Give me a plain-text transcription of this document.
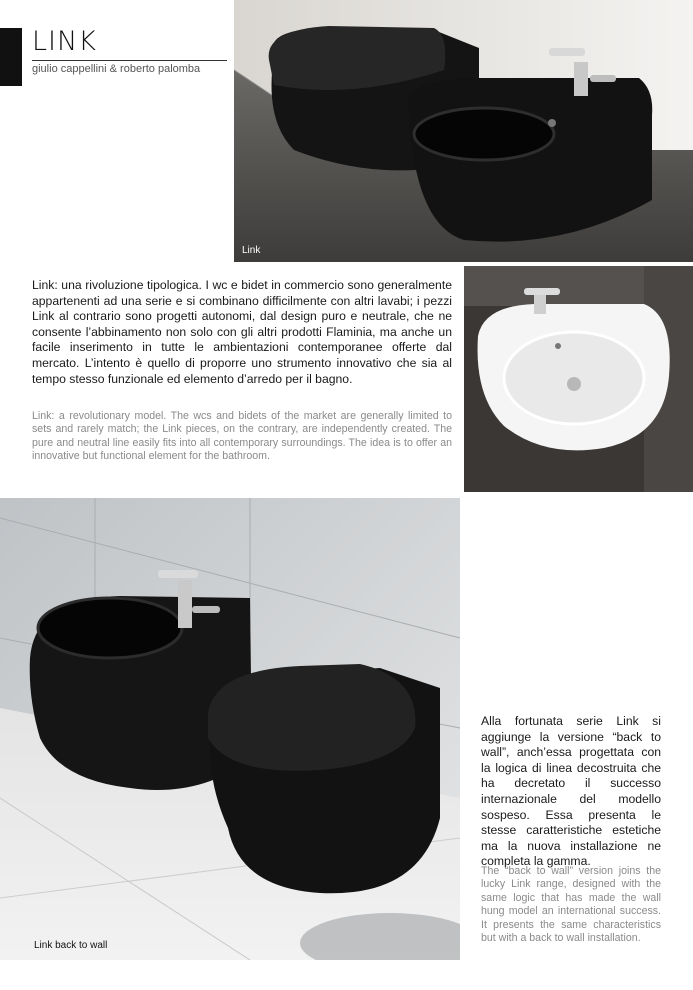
LINK
giulio cappellini & roberto palomba
Link
Link: una rivoluzione tipologica. I wc e bidet in commercio sono generalmente appartenenti ad una serie e si combinano difficilmente con altri lavabi; i pezzi Link al contrario sono progetti autonomi, dal design puro e neutrale, che ne consente l’abbinamento non solo con gli altri prodotti Flaminia, ma anche un facile inserimento in tutte le ambientazioni contemporanee offerte dal mercato. L’intento è quello di proporre uno strumento innovativo che sia al tempo stesso funzionale ed elemento d’arredo per il bagno.
Link: a revolutionary model. The wcs and bidets of the market are generally limited to sets and rarely match; the Link pieces, on the contrary, are independently created. The pure and neutral line easily fits into all contemporary surroundings. The idea is to offer an innovative but functional element for the bathroom.
Link back to wall
Alla fortunata serie Link si aggiunge la versione “back to wall”, anch’essa progettata con la logica di linea decostruita che ha decretato il successo internazionale del modello sospeso. Essa presenta le stesse caratteristiche estetiche ma la nuova installazione ne completa la gamma.
The “back to wall” version joins the lucky Link range, designed with the same logic that has made the wall hung model an international success. It presents the same characteristics but with a back to wall installation.
